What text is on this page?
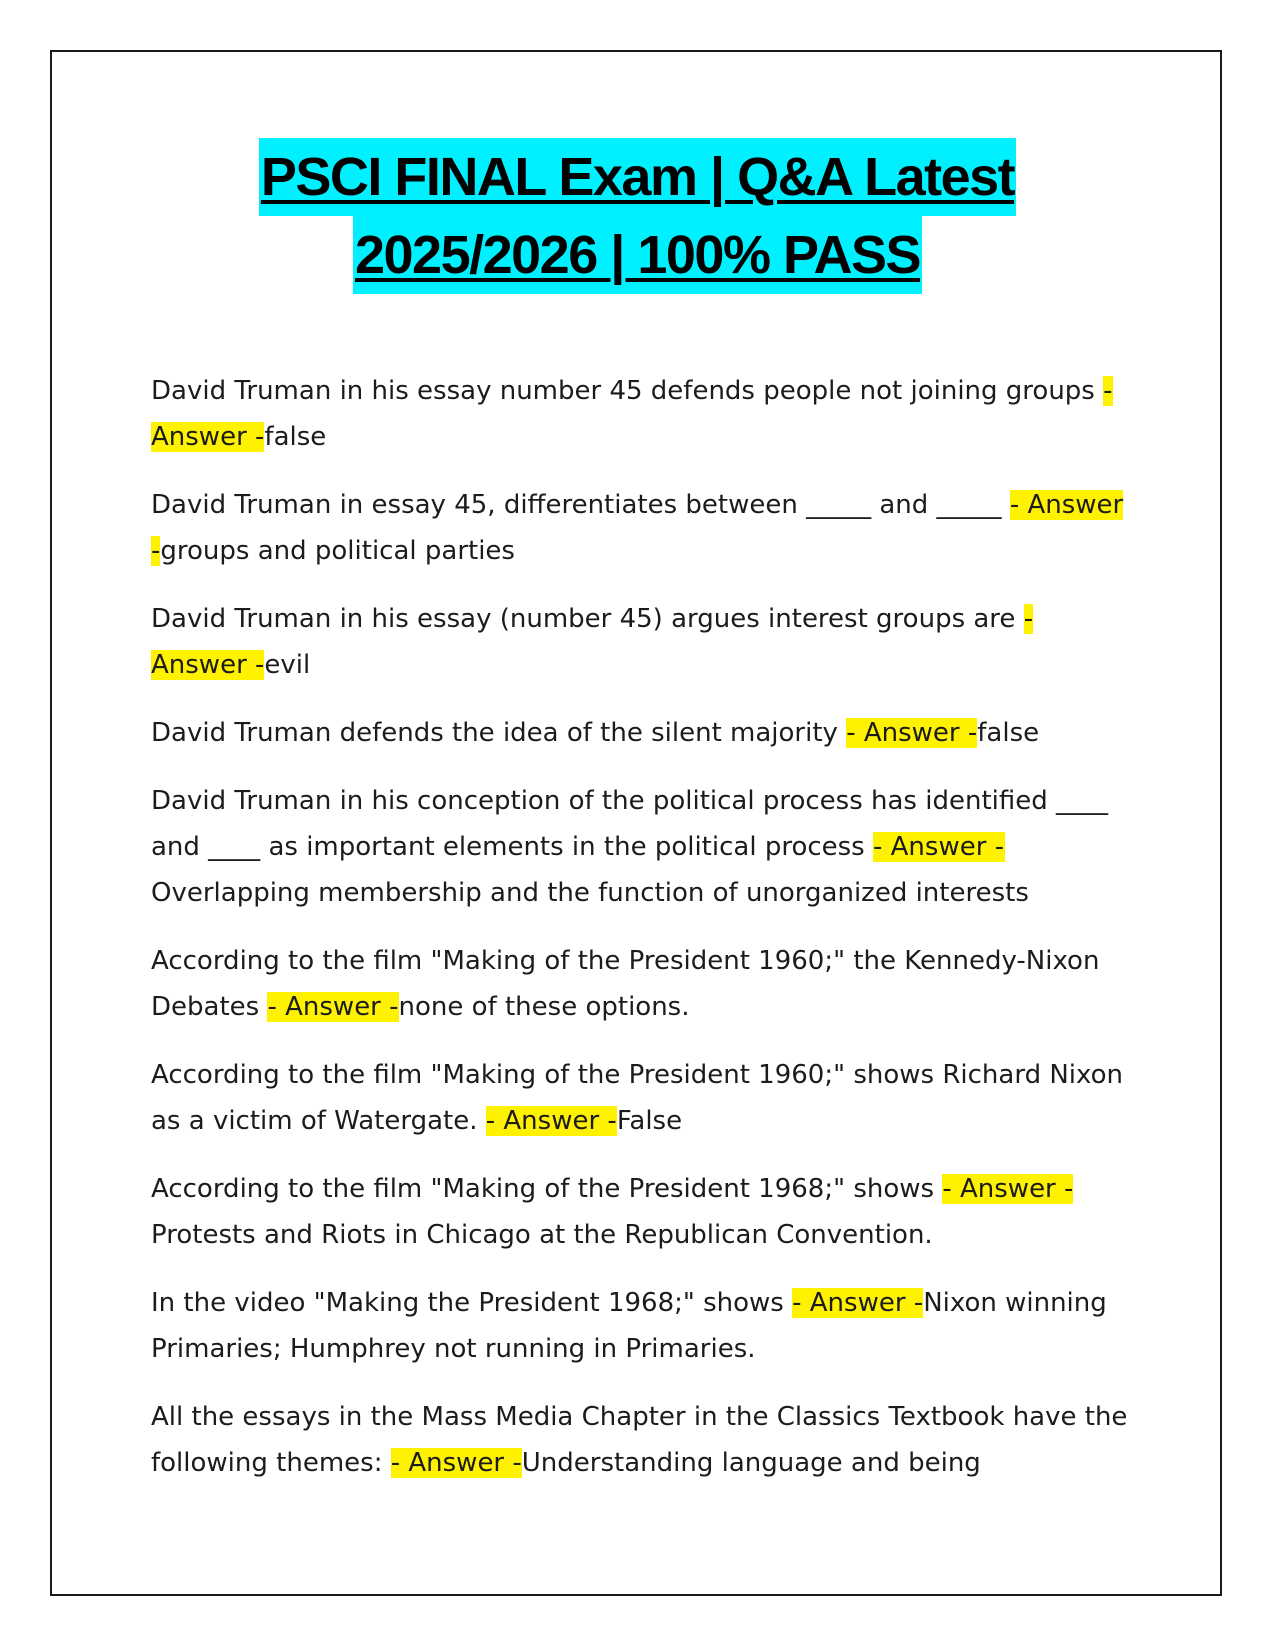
PSCI FINAL Exam | Q&A Latest
2025/2026 | 100% PASS

David Truman in his essay number 45 defends people not joining groups - Answer -false

David Truman in essay 45, differentiates between _____ and _____ - Answer -groups and political parties

David Truman in his essay (number 45) argues interest groups are - Answer -evil

David Truman defends the idea of the silent majority - Answer -false

David Truman in his conception of the political process has identified ____ and ____ as important elements in the political process - Answer -Overlapping membership and the function of unorganized interests

According to the film "Making of the President 1960;" the Kennedy-Nixon Debates - Answer -none of these options.

According to the film "Making of the President 1960;" shows Richard Nixon as a victim of Watergate. - Answer -False

According to the film "Making of the President 1968;" shows - Answer -Protests and Riots in Chicago at the Republican Convention.

In the video "Making the President 1968;" shows - Answer -Nixon winning Primaries; Humphrey not running in Primaries.

All the essays in the Mass Media Chapter in the Classics Textbook have the following themes: - Answer -Understanding language and being
